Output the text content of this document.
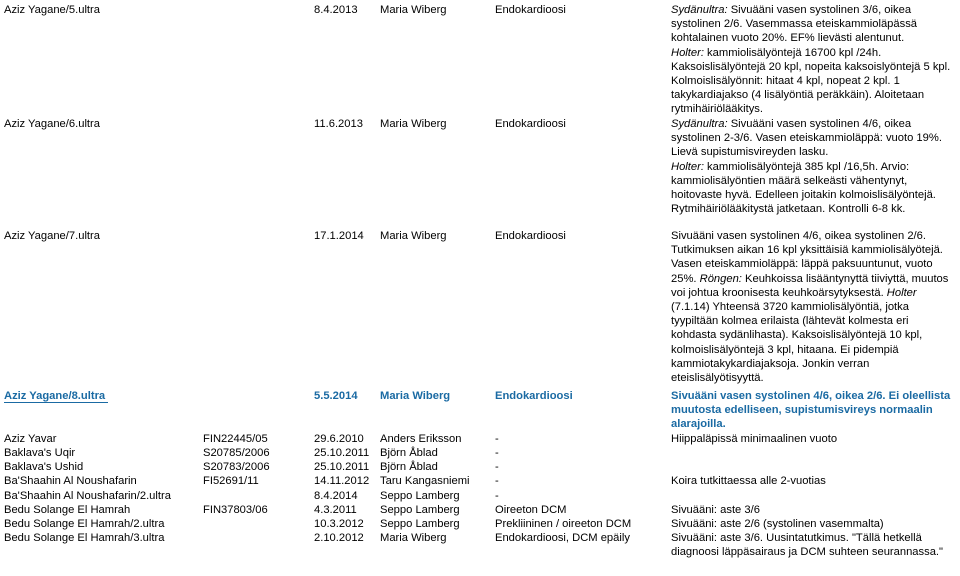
Aziz Yagane/5.ultra	8.4.2013	Maria Wiberg	Endokardioosi	Sydänultra: Sivuääni vasen systolinen 3/6, oikea
systolinen 2/6. Vasemmassa eteiskammioläpässä
kohtalainen vuoto 20%. EF% lievästi alentunut.
Holter: kammiolisälyöntejä 16700 kpl /24h.
Kaksoislisälyöntejä 20 kpl, nopeita kaksoislyöntejä 5 kpl.
Kolmoislisälyönnit: hitaat 4 kpl, nopeat 2 kpl. 1
takykardiajakso (4 lisälyöntiä peräkkäin). Aloitetaan
rytmihäiriölääkitys.
Aziz Yagane/6.ultra	11.6.2013	Maria Wiberg	Endokardioosi	Sydänultra: Sivuääni vasen systolinen 4/6, oikea
systolinen 2-3/6. Vasen eteiskammioläppä: vuoto 19%.
Lievä supistumisvireyden lasku.
Holter: kammiolisälyöntejä 385 kpl /16,5h. Arvio:
kammiolisälyöntien määrä selkeästi vähentynyt,
hoitovaste hyvä. Edelleen joitakin kolmoislisälyöntejä.
Rytmihäiriölääkitystä jatketaan. Kontrolli 6-8 kk.
Aziz Yagane/7.ultra	17.1.2014	Maria Wiberg	Endokardioosi	Sivuääni vasen systolinen 4/6, oikea systolinen 2/6.
Tutkimuksen aikan 16 kpl yksittäisiä kammiolisälyötejä.
Vasen eteiskammioläppä: läppä paksuuntunut, vuoto
25%. Röngen: Keuhkoissa lisääntynyttä tiiviyttä, muutos
voi johtua kroonisesta keuhkoärsytyksestä. Holter
(7.1.14) Yhteensä 3720 kammiolisälyöntiä, jotka
tyypiltään kolmea erilaista (lähtevät kolmesta eri
kohdasta sydänlihasta). Kaksoislisälyöntejä 10 kpl,
kolmoislisälyöntejä 3 kpl, hitaana. Ei pidempiä
kammiotakykardiajaksoja. Jonkin verran
eteislisälyötisyyttä.
Aziz Yagane/8.ultra	5.5.2014	Maria Wiberg	Endokardioosi	Sivuääni vasen systolinen 4/6, oikea 2/6. Ei oleellista
muutosta edelliseen, supistumisvireys normaalin
alarajoilla.
Aziz Yavar	FIN22445/05	29.6.2010	Anders Eriksson	-	Hiippaläpissä minimaalinen vuoto
Baklava's Uqir	S20785/2006	25.10.2011 Björn Åblad	-

Baklava's Ushid	S20783/2006	25.10.2011 Björn Åblad	-

Ba'Shaahin Al Noushafarin	FI52691/11	14.11.2012 Taru Kangasniemi	-	Koira tutkittaessa alle 2-vuotias
Ba'Shaahin Al Noushafarin/2.ultra	8.4.2014	Seppo Lamberg	-

Bedu Solange El Hamrah	FIN37803/06	4.3.2011	Seppo Lamberg	Oireeton DCM	Sivuääni: aste 3/6
Bedu Solange El Hamrah/2.ultra	10.3.2012	Seppo Lamberg	Prekliininen / oireeton DCM	Sivuääni: aste 2/6 (systolinen vasemmalta)
Bedu Solange El Hamrah/3.ultra	2.10.2012	Maria Wiberg	Endokardioosi, DCM epäily	Sivuääni: aste 3/6. Uusintatutkimus. "Tällä hetkellä
diagnoosi läppäsairaus ja DCM suhteen seurannassa."
